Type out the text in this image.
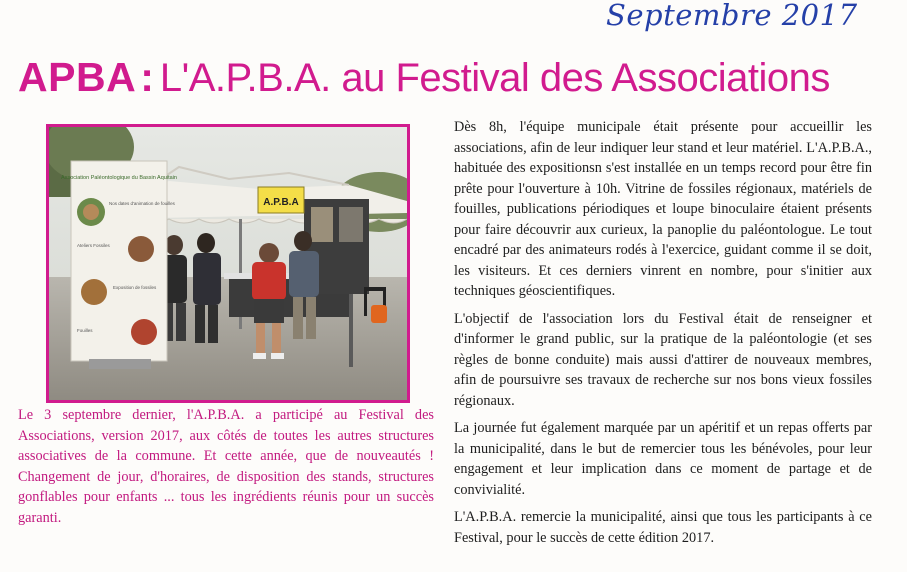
Septembre 2017
APBA: L'A.P.B.A. au Festival des Associations
A.P.B.A
Association Paléontologique du Bassin Aquitain
Nos dates d'animation de fouilles
Ateliers Fossiles
Exposition de fossiles
Fouilles

Le 3 septembre dernier, l'A.P.B.A. a participé au Festival des Associations, version 2017, aux côtés de toutes les autres structures associatives de la commune. Et cette année, que de nouveautés ! Changement de jour, d'horaires, de disposition des stands, structures gonflables pour enfants ... tous les ingrédients réunis pour un succès garanti.

Dès 8h, l'équipe municipale était présente pour accueillir les associations, afin de leur indiquer leur stand et leur matériel. L'A.P.B.A., habituée des expositionsn s'est installée en un temps record pour être fin prête pour l'ouverture à 10h. Vitrine de fossiles régionaux, matériels de fouilles, publications périodiques et loupe binoculaire étaient présents pour faire découvrir aux curieux, la panoplie du paléontologue. Le tout encadré par des animateurs rodés à l'exercice, guidant comme il se doit, les visiteurs. Et ces derniers vinrent en nombre, pour s'initier aux techniques géoscientifiques.

L'objectif de l'association lors du Festival était de renseigner et d'informer le grand public, sur la pratique de la paléontologie (et ses règles de bonne conduite) mais aussi d'attirer de nouveaux membres, afin de poursuivre ses travaux de recherche sur nos bons vieux fossiles régionaux.

La journée fut également marquée par un apéritif et un repas offerts par la municipalité, dans le but de remercier tous les bénévoles, pour leur engagement et leur implication dans ce moment de partage et de convivialité.

L'A.P.B.A. remercie la municipalité, ainsi que tous les participants à ce Festival, pour le succès de cette édition 2017.
